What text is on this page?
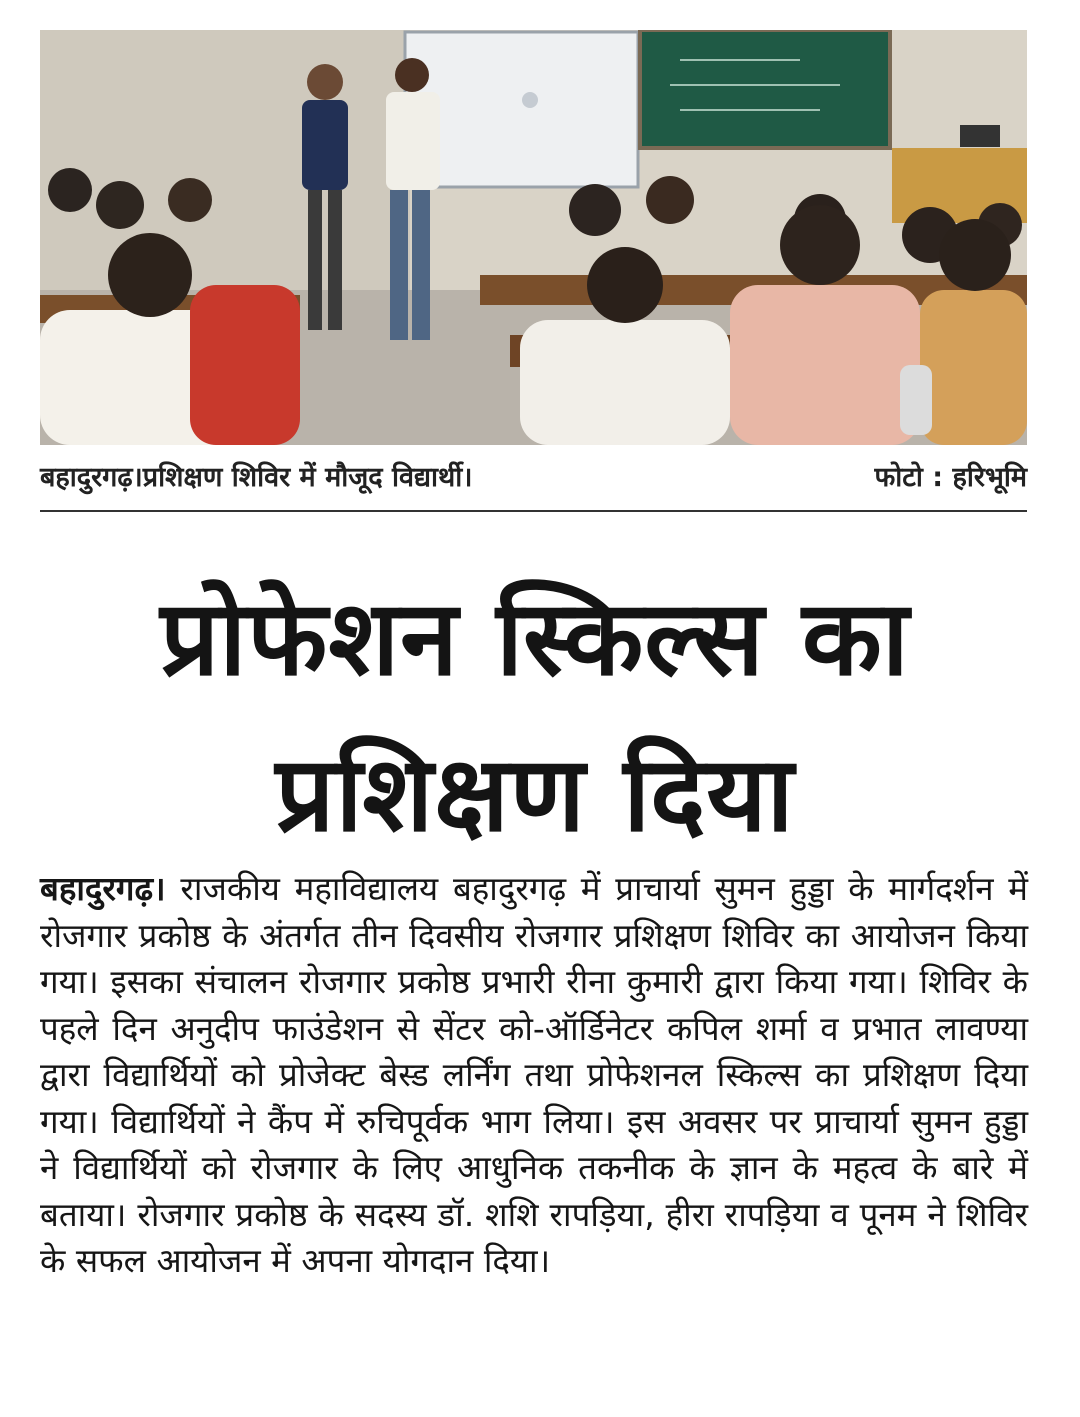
बहादुरगढ़।प्रशिक्षण शिविर में मौजूद विद्यार्थी।	फोटो : हरिभूमि
प्रोफेशन स्किल्स का प्रशिक्षण दिया

बहादुरगढ़। राजकीय महाविद्यालय बहादुरगढ़ में प्राचार्या सुमन हुड्डा के मार्गदर्शन में रोजगार प्रकोष्ठ के अंतर्गत तीन दिवसीय रोजगार प्रशिक्षण शिविर का आयोजन किया गया। इसका संचालन रोजगार प्रकोष्ठ प्रभारी रीना कुमारी द्वारा किया गया। शिविर के पहले दिन अनुदीप फाउंडेशन से सेंटर को-ऑर्डिनेटर कपिल शर्मा व प्रभात लावण्या द्वारा विद्यार्थियों को प्रोजेक्ट बेस्ड लर्निंग तथा प्रोफेशनल स्किल्स का प्रशिक्षण दिया गया। विद्यार्थियों ने कैंप में रुचिपूर्वक भाग लिया। इस अवसर पर प्राचार्या सुमन हुड्डा ने विद्यार्थियों को रोजगार के लिए आधुनिक तकनीक के ज्ञान के महत्व के बारे में बताया। रोजगार प्रकोष्ठ के सदस्य डॉ. शशि रापड़िया, हीरा रापड़िया व पूनम ने शिविर के सफल आयोजन में अपना योगदान दिया।
